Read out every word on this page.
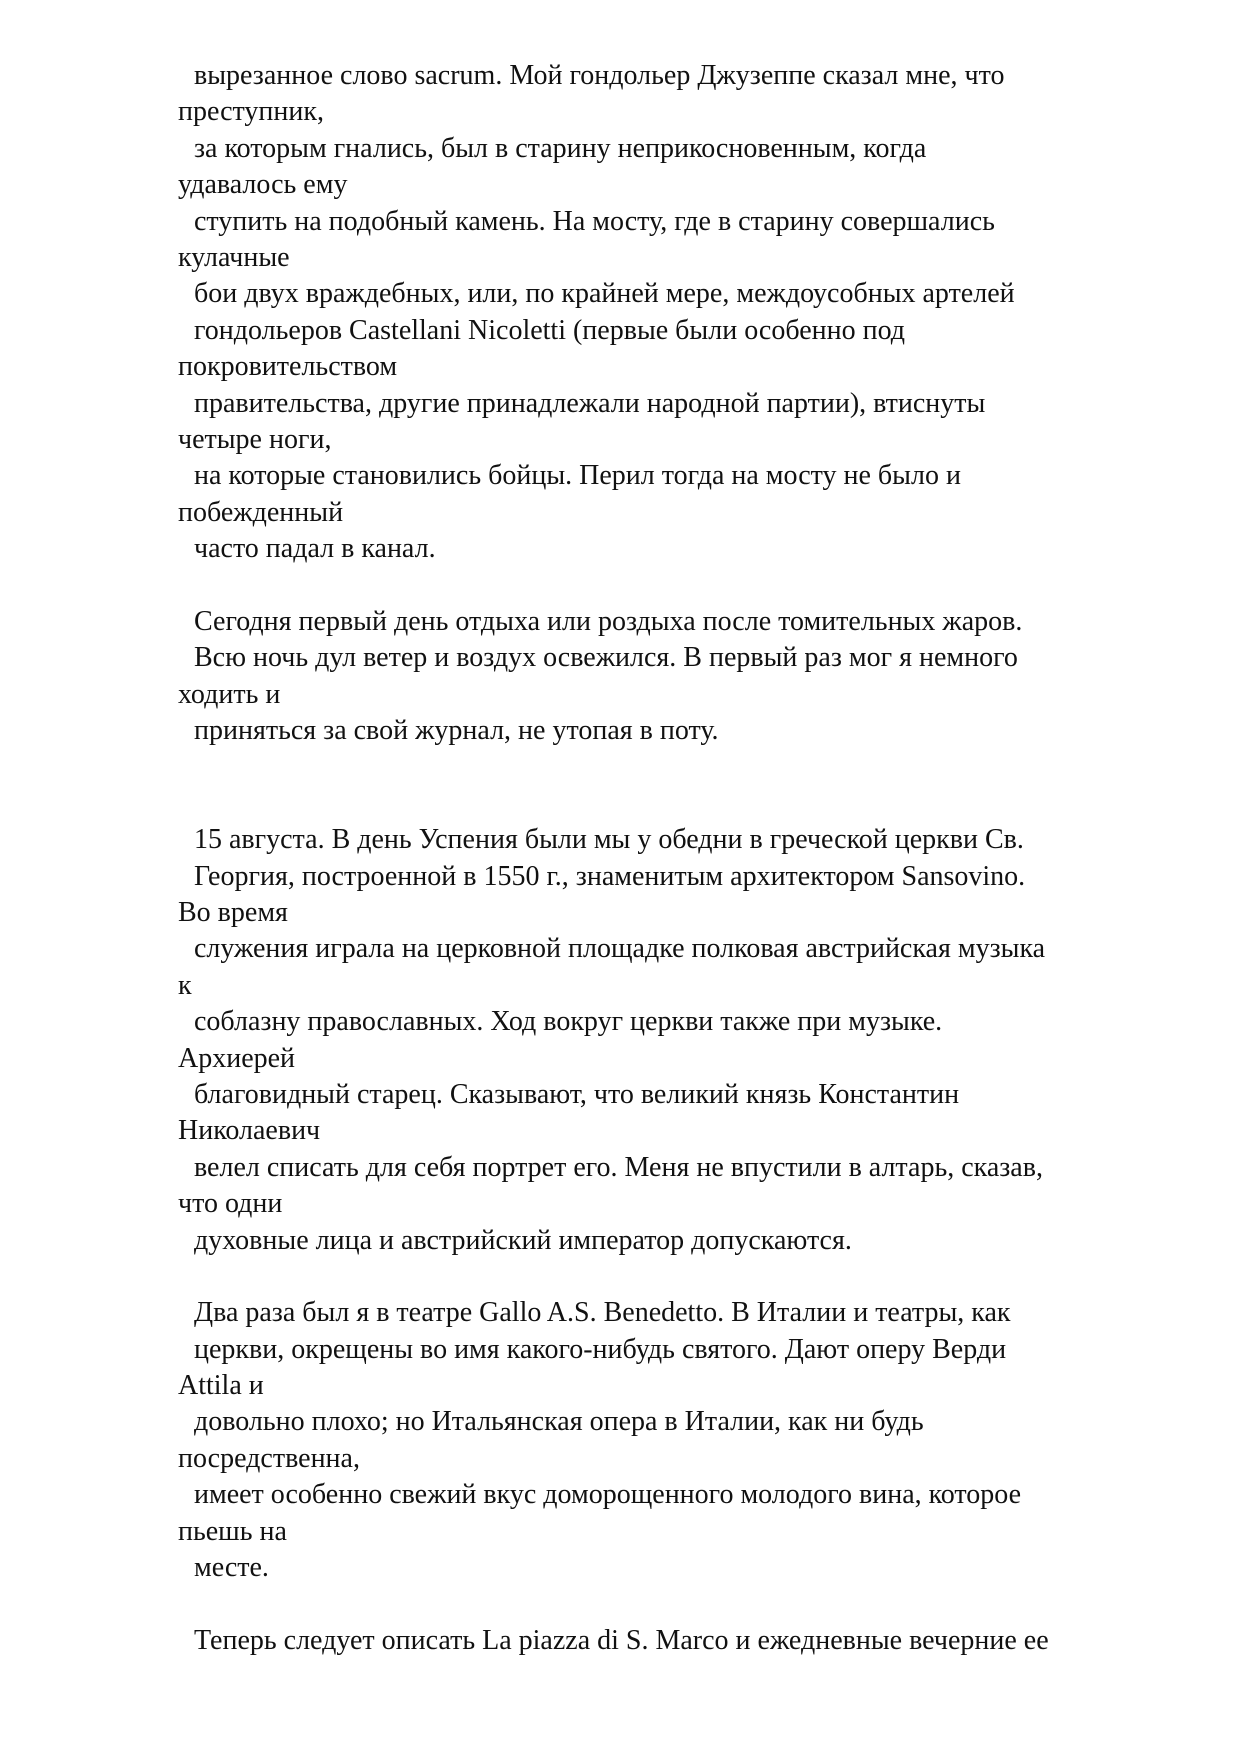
вырезанное слово sacrum. Мой гондольер Джузеппе сказал мне, что
преступник,
за которым гнались, был в старину неприкосновенным, когда
удавалось ему
ступить на подобный камень. На мосту, где в старину совершались
кулачные
бои двух враждебных, или, по крайней мере, междоусобных артелей
гондольеров Castellani Nicoletti (первые были особенно под
покровительством
правительства, другие принадлежали народной партии), втиснуты
четыре ноги,
на которые становились бойцы. Перил тогда на мосту не было и
побежденный
часто падал в канал.
Сегодня первый день отдыха или роздыха после томительных жаров.
Всю ночь дул ветер и воздух освежился. В первый раз мог я немного
ходить и
приняться за свой журнал, не утопая в поту.
15 августа. В день Успения были мы у обедни в греческой церкви Св.
Георгия, построенной в 1550 г., знаменитым архитектором Sansovino.
Во время
служения играла на церковной площадке полковая австрийская музыка
к
соблазну православных. Ход вокруг церкви также при музыке.
Архиерей
благовидный старец. Сказывают, что великий князь Константин
Николаевич
велел списать для себя портрет его. Меня не впустили в алтарь, сказав,
что одни
духовные лица и австрийский император допускаются.
Два раза был я в театре Gallo A.S. Benedetto. В Италии и театры, как
церкви, окрещены во имя какого-нибудь святого. Дают оперу Верди
Attila и
довольно плохо; но Итальянская опера в Италии, как ни будь
посредственна,
имеет особенно свежий вкус доморощенного молодого вина, которое
пьешь на
месте.
Теперь следует описать La piazza di S. Marco и ежедневные вечерние ее
